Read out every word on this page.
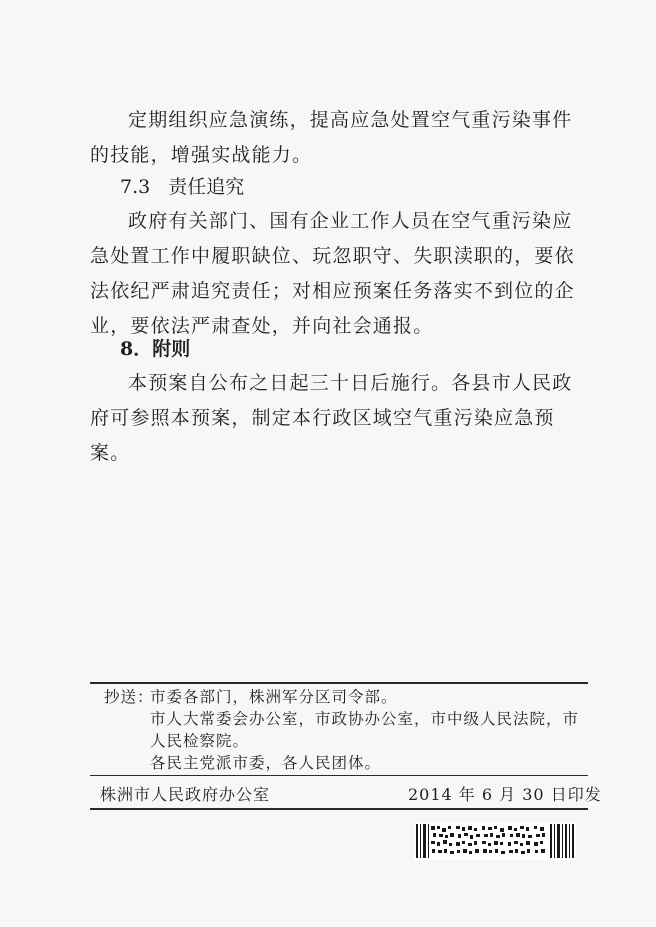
定期组织应急演练，提高应急处置空气重污染事件的技能，增强实战能力。

7.3 责任追究

政府有关部门、国有企业工作人员在空气重污染应急处置工作中履职缺位、玩忽职守、失职渎职的，要依法依纪严肃追究责任；对相应预案任务落实不到位的企业，要依法严肃查处，并向社会通报。

8．附则

本预案自公布之日起三十日后施行。各县市人民政府可参照本预案，制定本行政区域空气重污染应急预案。

抄送：
市委各部门，株洲军分区司令部。
市人大常委会办公室，市政协办公室，市中级人民法院，市
人民检察院。
各民主党派市委，各人民团体。
株洲市人民政府办公室	2014 年 6 月 30 日印发
